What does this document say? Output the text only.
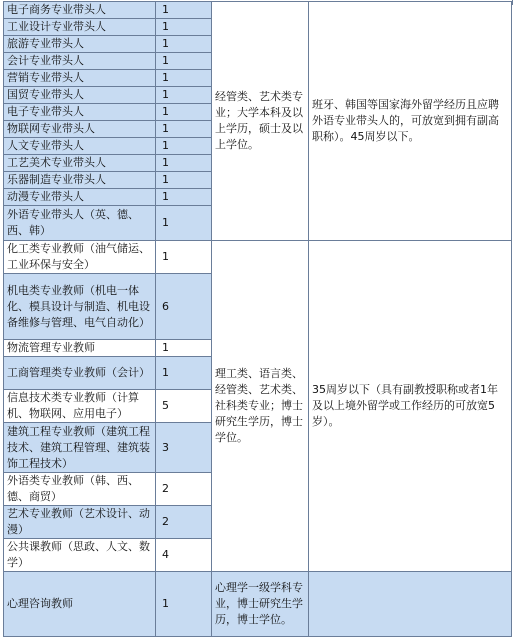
电子商务专业带头人	1	经管类、艺术类专业；大学本科及以上学历，硕士及以上学位。	班牙、韩国等国家海外留学经历且应聘外语专业带头人的，可放宽到拥有副高职称）。45周岁以下。
工业设计专业带头人	1		
旅游专业带头人	1		
会计专业带头人	1		
营销专业带头人	1		
国贸专业带头人	1		
电子专业带头人	1		
物联网专业带头人	1		
人文专业带头人	1		
工艺美术专业带头人	1		
乐器制造专业带头人	1		
动漫专业带头人	1		
外语专业带头人（英、德、西、韩）	1		
化工类专业教师（油气储运、工业环保与安全）	1	理工类、语言类、经管类、艺术类、社科类专业；博士研究生学历，博士学位。	35周岁以下（具有副教授职称或者1年及以上境外留学或工作经历的可放宽5岁）。
机电类专业教师（机电一体化、模具设计与制造、机电设备维修与管理、电气自动化）	6		
物流管理专业教师	1		
工商管理类专业教师（会计）	1		
信息技术类专业教师（计算机、物联网、应用电子）	5		
建筑工程专业教师（建筑工程技术、建筑工程管理、建筑装饰工程技术）	3		
外语类专业教师（韩、西、德、商贸）	2		
艺术专业教师（艺术设计、动漫）	2		
公共课教师（思政、人文、数学）	4		
心理咨询教师	1	心理学一级学科专业，博士研究生学历，博士学位。	
